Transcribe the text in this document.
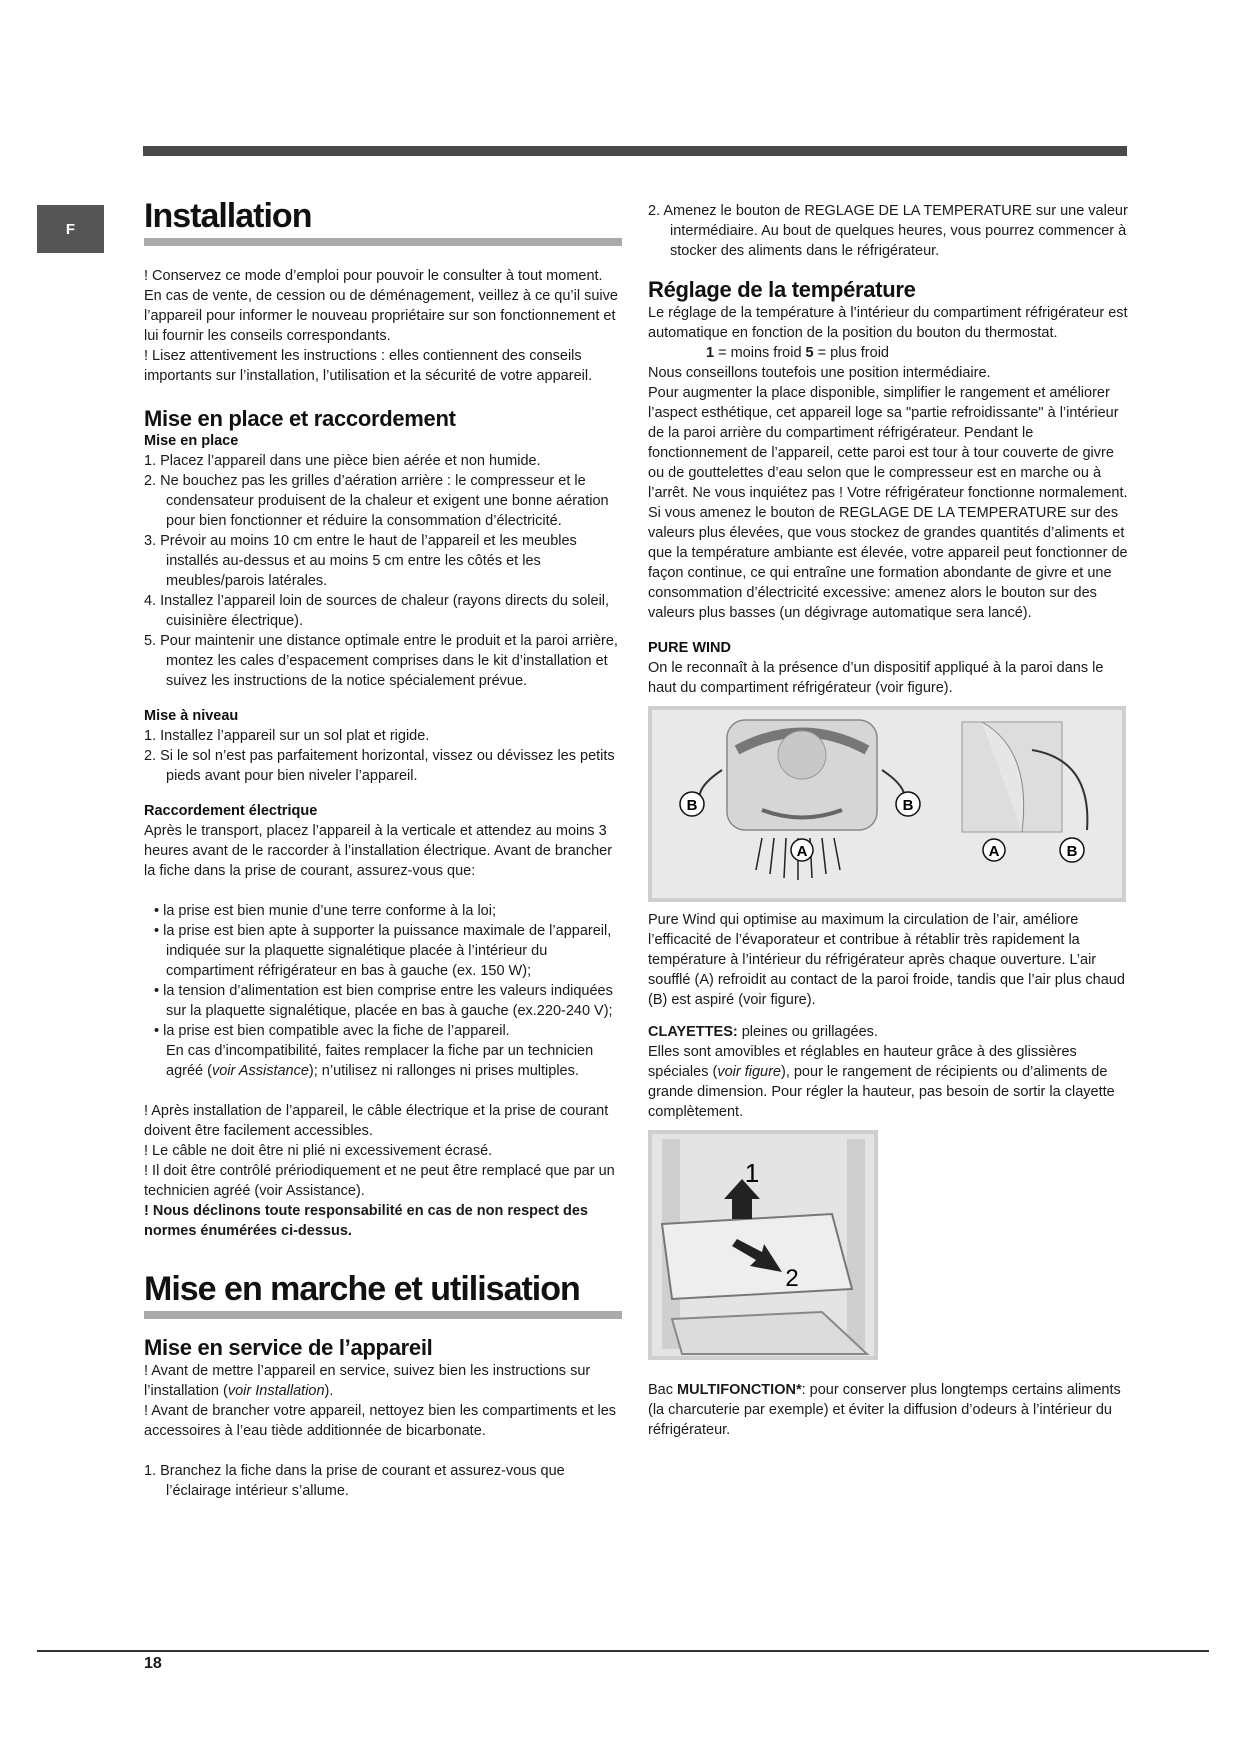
F	Installation

! Conservez ce mode d’emploi pour pouvoir le consulter à tout moment. En cas de vente, de cession ou de déménagement, veillez à ce qu’il suive l’appareil pour informer le nouveau propriétaire sur son fonctionnement et lui fournir les conseils correspondants.

! Lisez attentivement les instructions : elles contiennent des conseils importants sur l’installation, l’utilisation et la sécurité de votre appareil.

Mise en place et raccordement
Mise en place
1. Placez l’appareil dans une pièce bien aérée et non humide.
2. Ne bouchez pas les grilles d’aération arrière : le compresseur et le condensateur produisent de la chaleur et exigent une bonne aération pour bien fonctionner et réduire la consommation d’électricité.
3. Prévoir au moins 10 cm entre le haut de l’appareil et les meubles installés au-dessus et au moins 5 cm entre les côtés et les meubles/parois latérales.
4. Installez l’appareil loin de sources de chaleur (rayons directs du soleil, cuisinière électrique).
5. Pour maintenir une distance optimale entre le produit et la paroi arrière, montez les cales d’espacement comprises dans le kit d’installation et suivez les instructions de la notice spécialement prévue.
Mise à niveau
1. Installez l’appareil sur un sol plat et rigide.
2. Si le sol n’est pas parfaitement horizontal, vissez ou dévissez les petits pieds avant pour bien niveler l’appareil.
Raccordement électrique

Après le transport, placez l’appareil à la verticale et attendez au moins 3 heures avant de le raccorder à l’installation électrique. Avant de brancher la fiche dans la prise de courant, assurez-vous que:

• la prise est bien munie d’une terre conforme à la loi;
• la prise est bien apte à supporter la puissance maximale de l’appareil, indiquée sur la plaquette signalétique placée à l’intérieur du compartiment réfrigérateur en bas à gauche (ex. 150 W);
• la tension d’alimentation est bien comprise entre les valeurs indiquées sur la plaquette signalétique, placée en bas à gauche (ex.220-240 V);
• la prise est bien compatible avec la fiche de l’appareil.

En cas d’incompatibilité, faites remplacer la fiche par un technicien agréé (voir Assistance); n’utilisez ni rallonges ni prises multiples.

! Après installation de l’appareil, le câble électrique et la prise de courant doivent être facilement accessibles.

! Le câble ne doit être ni plié ni excessivement écrasé.

! Il doit être contrôlé prériodiquement et ne peut être remplacé que par un technicien agréé (voir Assistance).

! Nous déclinons toute responsabilité en cas de non respect des normes énumérées ci-dessus.

Mise en marche et utilisation
Mise en service de l’appareil

! Avant de mettre l’appareil en service, suivez bien les instructions sur l’installation (voir Installation).

! Avant de brancher votre appareil, nettoyez bien les compartiments et les accessoires à l’eau tiède additionnée de bicarbonate.

1. Branchez la fiche dans la prise de courant et assurez-vous que l’éclairage intérieur s’allume.

2. Amenez le bouton de REGLAGE DE LA TEMPERATURE sur une valeur intermédiaire. Au bout de quelques heures, vous pourrez commencer à stocker des aliments dans le réfrigérateur.

Réglage de la température

Le réglage de la température à l’intérieur du compartiment réfrigérateur est automatique en fonction de la position du bouton du thermostat.

1 = moins froid 5 = plus froid

Nous conseillons toutefois une position intermédiaire.

Pour augmenter la place disponible, simplifier le rangement et améliorer l’aspect esthétique, cet appareil loge sa "partie refroidissante" à l’intérieur de la paroi arrière du compartiment réfrigérateur. Pendant le fonctionnement de l’appareil, cette paroi est tour à tour couverte de givre ou de gouttelettes d’eau selon que le compresseur est en marche ou à l’arrêt. Ne vous inquiétez pas ! Votre réfrigérateur fonctionne normalement.

Si vous amenez le bouton de REGLAGE DE LA TEMPERATURE sur des valeurs plus élevées, que vous stockez de grandes quantités d’aliments et que la température ambiante est élevée, votre appareil peut fonctionner de façon continue, ce qui entraîne une formation abondante de givre et une consommation d’électricité excessive: amenez alors le bouton sur des valeurs plus basses (un dégivrage automatique sera lancé).

PURE WIND

On le reconnaît à la présence d’un dispositif appliqué à la paroi dans le haut du compartiment réfrigérateur (voir figure).

B	B
A	A	B

Pure Wind qui optimise au maximum la circulation de l’air, améliore l’efficacité de l’évaporateur et contribue à rétablir très rapidement la température à l’intérieur du réfrigérateur après chaque ouverture. L’air soufflé (A) refroidit au contact de la paroi froide, tandis que l’air plus chaud (B) est aspiré (voir figure).

CLAYETTES: pleines ou grillagées.

Elles sont amovibles et réglables en hauteur grâce à des glissières spéciales (voir figure), pour le rangement de récipients ou d’aliments de grande dimension. Pour régler la hauteur, pas besoin de sortir la clayette complètement.

1
2

Bac MULTIFONCTION*: pour conserver plus longtemps certains aliments (la charcuterie par exemple) et éviter la diffusion d’odeurs à l’intérieur du réfrigérateur.

18
